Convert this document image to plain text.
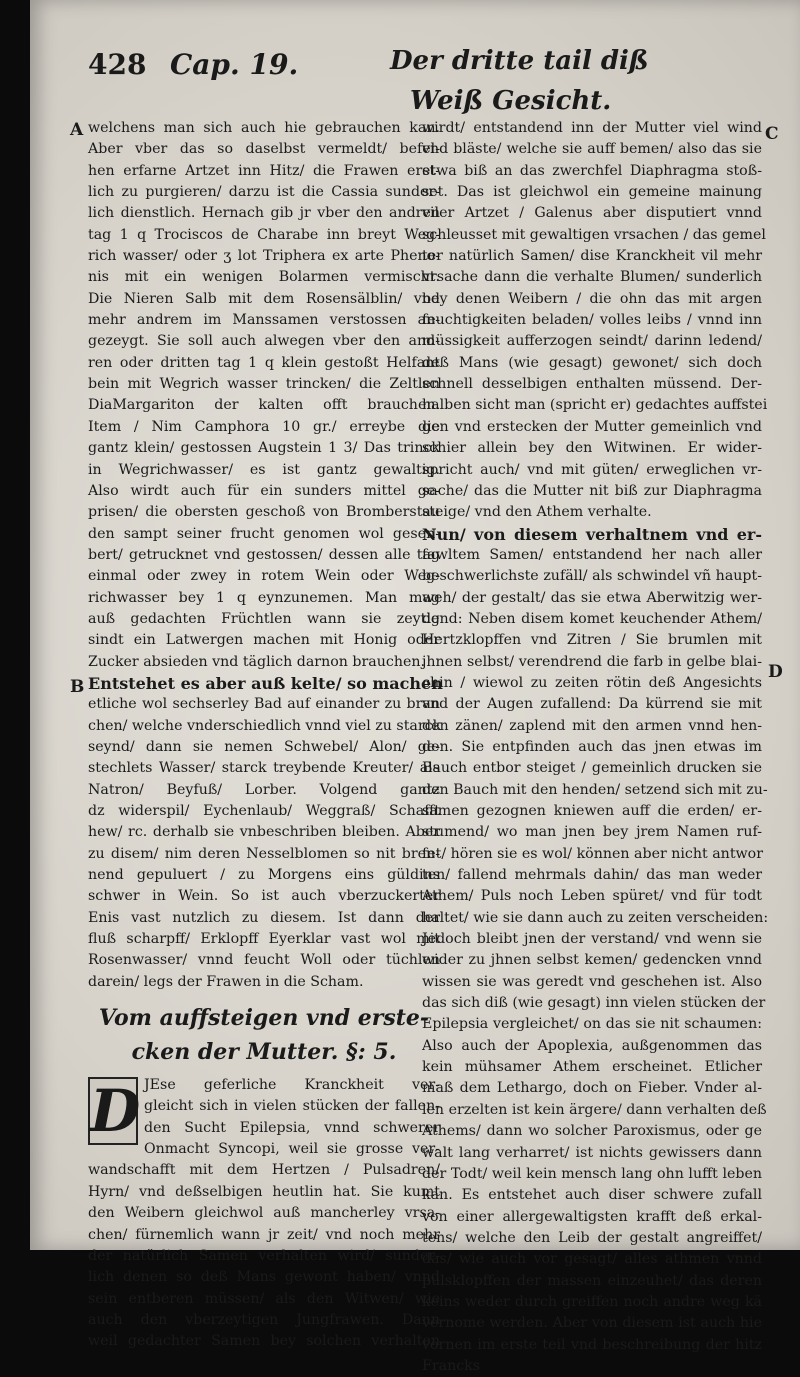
428 Cap. 19.	Der dritte tail diß
Weiß Gesicht.
A
B
C
D

welchens man sich auch hie gebrauchen kan.

Aber vber das so daselbst vermeldt/ befel-

hen erfarne Artzet inn Hitz/ die Frawen erst-

lich zu purgieren/ darzu ist die Cassia sunder-

lich dienstlich. Hernach gib jr vber den andren

tag 1 q Trociscos de Charabe inn breyt Weg-

rich wasser/ oder ʒ lot Triphera ex arte Pheno-

nis mit ein wenigen Bolarmen vermischt.

Die Nieren Salb mit dem Rosensälblin/ vnd

mehr andrem im Manssamen verstossen an-

gezeygt. Sie soll auch alwegen vber den and-

ren oder dritten tag 1 q klein gestoßt Helfant

bein mit Wegrich wasser trincken/ die Zeltlen

DiaMargariton der kalten offt brauchen.

Item / Nim Camphora 10 gr./ erreybe die

gantz klein/ gestossen Augstein 1 3/ Das trinck

in Wegrichwasser/ es ist gantz gewaltig.

Also wirdt auch für ein sunders mittel ge-

prisen/ die obersten geschoß von Bromberstau

den sampt seiner frucht genomen wol gesen-

bert/ getrucknet vnd gestossen/ dessen alle tag

einmal oder zwey in rotem Wein oder Weg-

richwasser bey 1 q eynzunemen. Man mag

auß gedachten Früchtlen wann sie zeytig

sindt ein Latwergen machen mit Honig oder

Zucker absieden vnd täglich darnon brauchen.

Entstehet es aber auß kelte/ so machen

etliche wol sechserley Bad auf einander zu bran

chen/ welche vnderschiedlich vnnd viel zu starck

seynd/ dann sie nemen Schwebel/ Alon/ ge-

stechlets Wasser/ starck treybende Kreuter/ als

Natron/ Beyfuß/ Lorber. Volgend gantz

dz widerspil/ Eychenlaub/ Weggraß/ Schafft

hew/ rc. derhalb sie vnbeschriben bleiben. Aber

zu disem/ nim deren Nesselblomen so nit bren-

nend gepuluert / zu Morgens eins güldins

schwer in Wein. So ist auch vberzuckerter

Enis vast nutzlich zu diesem. Ist dann der

fluß scharpff/ Erklopff Eyerklar vast wol mit

Rosenwasser/ vnnd feucht Woll oder tüchlen

darein/ legs der Frawen in die Scham.

Vom auffsteigen vnd erste-
cken der Mutter. §: 5.
D JEse geferliche Kranckheit ver-

gleicht sich in vielen stücken der fallen-

den Sucht Epilepsia, vnnd schwerer

Onmacht Syncopi, weil sie grosse ver-

wandschafft mit dem Hertzen / Pulsadren/

Hyrn/ vnd deßselbigen heutlin hat. Sie kumt

den Weibern gleichwol auß mancherley vrsa-

chen/ fürnemlich wann jr zeit/ vnd noch mehr

der natürlich Samen verhalten wird/ sunder-

lich denen so deß Mans gewont haben/ vnnd

sein entberen müssen/ als den Witwen/ wie

auch den vberzeytigen Jungfrawen. Dann

weil gedachter Samen bey solchen verhalten

wirdt/ entstandend inn der Mutter viel wind

vnd bläste/ welche sie auff bemen/ also das sie

etwa biß an das zwerchfel Diaphragma stoß-

set. Das ist gleichwol ein gemeine mainung

viler Artzet / Galenus aber disputiert vnnd

schleusset mit gewaltigen vrsachen / das gemel

ter natürlich Samen/ dise Kranckheit vil mehr

vrsache dann die verhalte Blumen/ sunderlich

bey denen Weibern / die ohn das mit argen

feuchtigkeiten beladen/ volles leibs / vnnd inn

müssigkeit aufferzogen seindt/ darinn ledend/

deß Mans (wie gesagt) gewonet/ sich doch

schnell desselbigen enthalten müssend. Der-

halben sicht man (spricht er) gedachtes auffstei

gen vnd erstecken der Mutter gemeinlich vnd

schier allein bey den Witwinen. Er wider-

spricht auch/ vnd mit güten/ erweglichen vr-

sache/ das die Mutter nit biß zur Diaphragma

steige/ vnd den Athem verhalte.

Nun/ von diesem verhaltnem vnd er-

fawltem Samen/ entstandend her nach aller

beschwerlichste zufäll/ als schwindel vñ haupt-

weh/ der gestalt/ das sie etwa Aberwitzig wer-

dend: Neben disem komet keuchender Athem/

Hertzklopffen vnd Zitren / Sie brumlen mit

jhnen selbst/ verendrend die farb in gelbe blai-

chin / wiewol zu zeiten rötin deß Angesichts

vnd der Augen zufallend: Da kürrend sie mit

den zänen/ zaplend mit den armen vnnd hen-

den. Sie entpfinden auch das jnen etwas im

Bauch entbor steiget / gemeinlich drucken sie

den Bauch mit den henden/ setzend sich mit zu-

samen gezognen kniewen auff die erden/ er-

stumend/ wo man jnen bey jrem Namen ruf-

fet/ hören sie es wol/ können aber nicht antwor

ten/ fallend mehrmals dahin/ das man weder

Athem/ Puls noch Leben spüret/ vnd für todt

haltet/ wie sie dann auch zu zeiten verscheiden:

Jedoch bleibt jnen der verstand/ vnd wenn sie

wider zu jhnen selbst kemen/ gedencken vnnd

wissen sie was geredt vnd geschehen ist. Also

das sich diß (wie gesagt) inn vielen stücken der

Epilepsia vergleichet/ on das sie nit schaumen:

Also auch der Apoplexia, außgenommen das

kein mühsamer Athem erscheinet. Etlicher

maß dem Lethargo, doch on Fieber. Vnder al-

len erzelten ist kein ärgere/ dann verhalten deß

Athems/ dann wo solcher Paroxismus, oder ge

walt lang verharret/ ist nichts gewissers dann

der Todt/ weil kein mensch lang ohn lufft leben

kan. Es entstehet auch diser schwere zufall

von einer allergewaltigsten krafft deß erkal-

tens/ welche den Leib der gestalt angreiffet/

das/ wie auch vor gesagt/ alles athmen vnnd

pulsklopffen der massen einzeuhet/ das deren

keins weder durch greiffen noch andre weg kä

vernome werden. Aber von diesem ist auch hie

vornen im erste teil vnd beschreibung der hitz

Francks
